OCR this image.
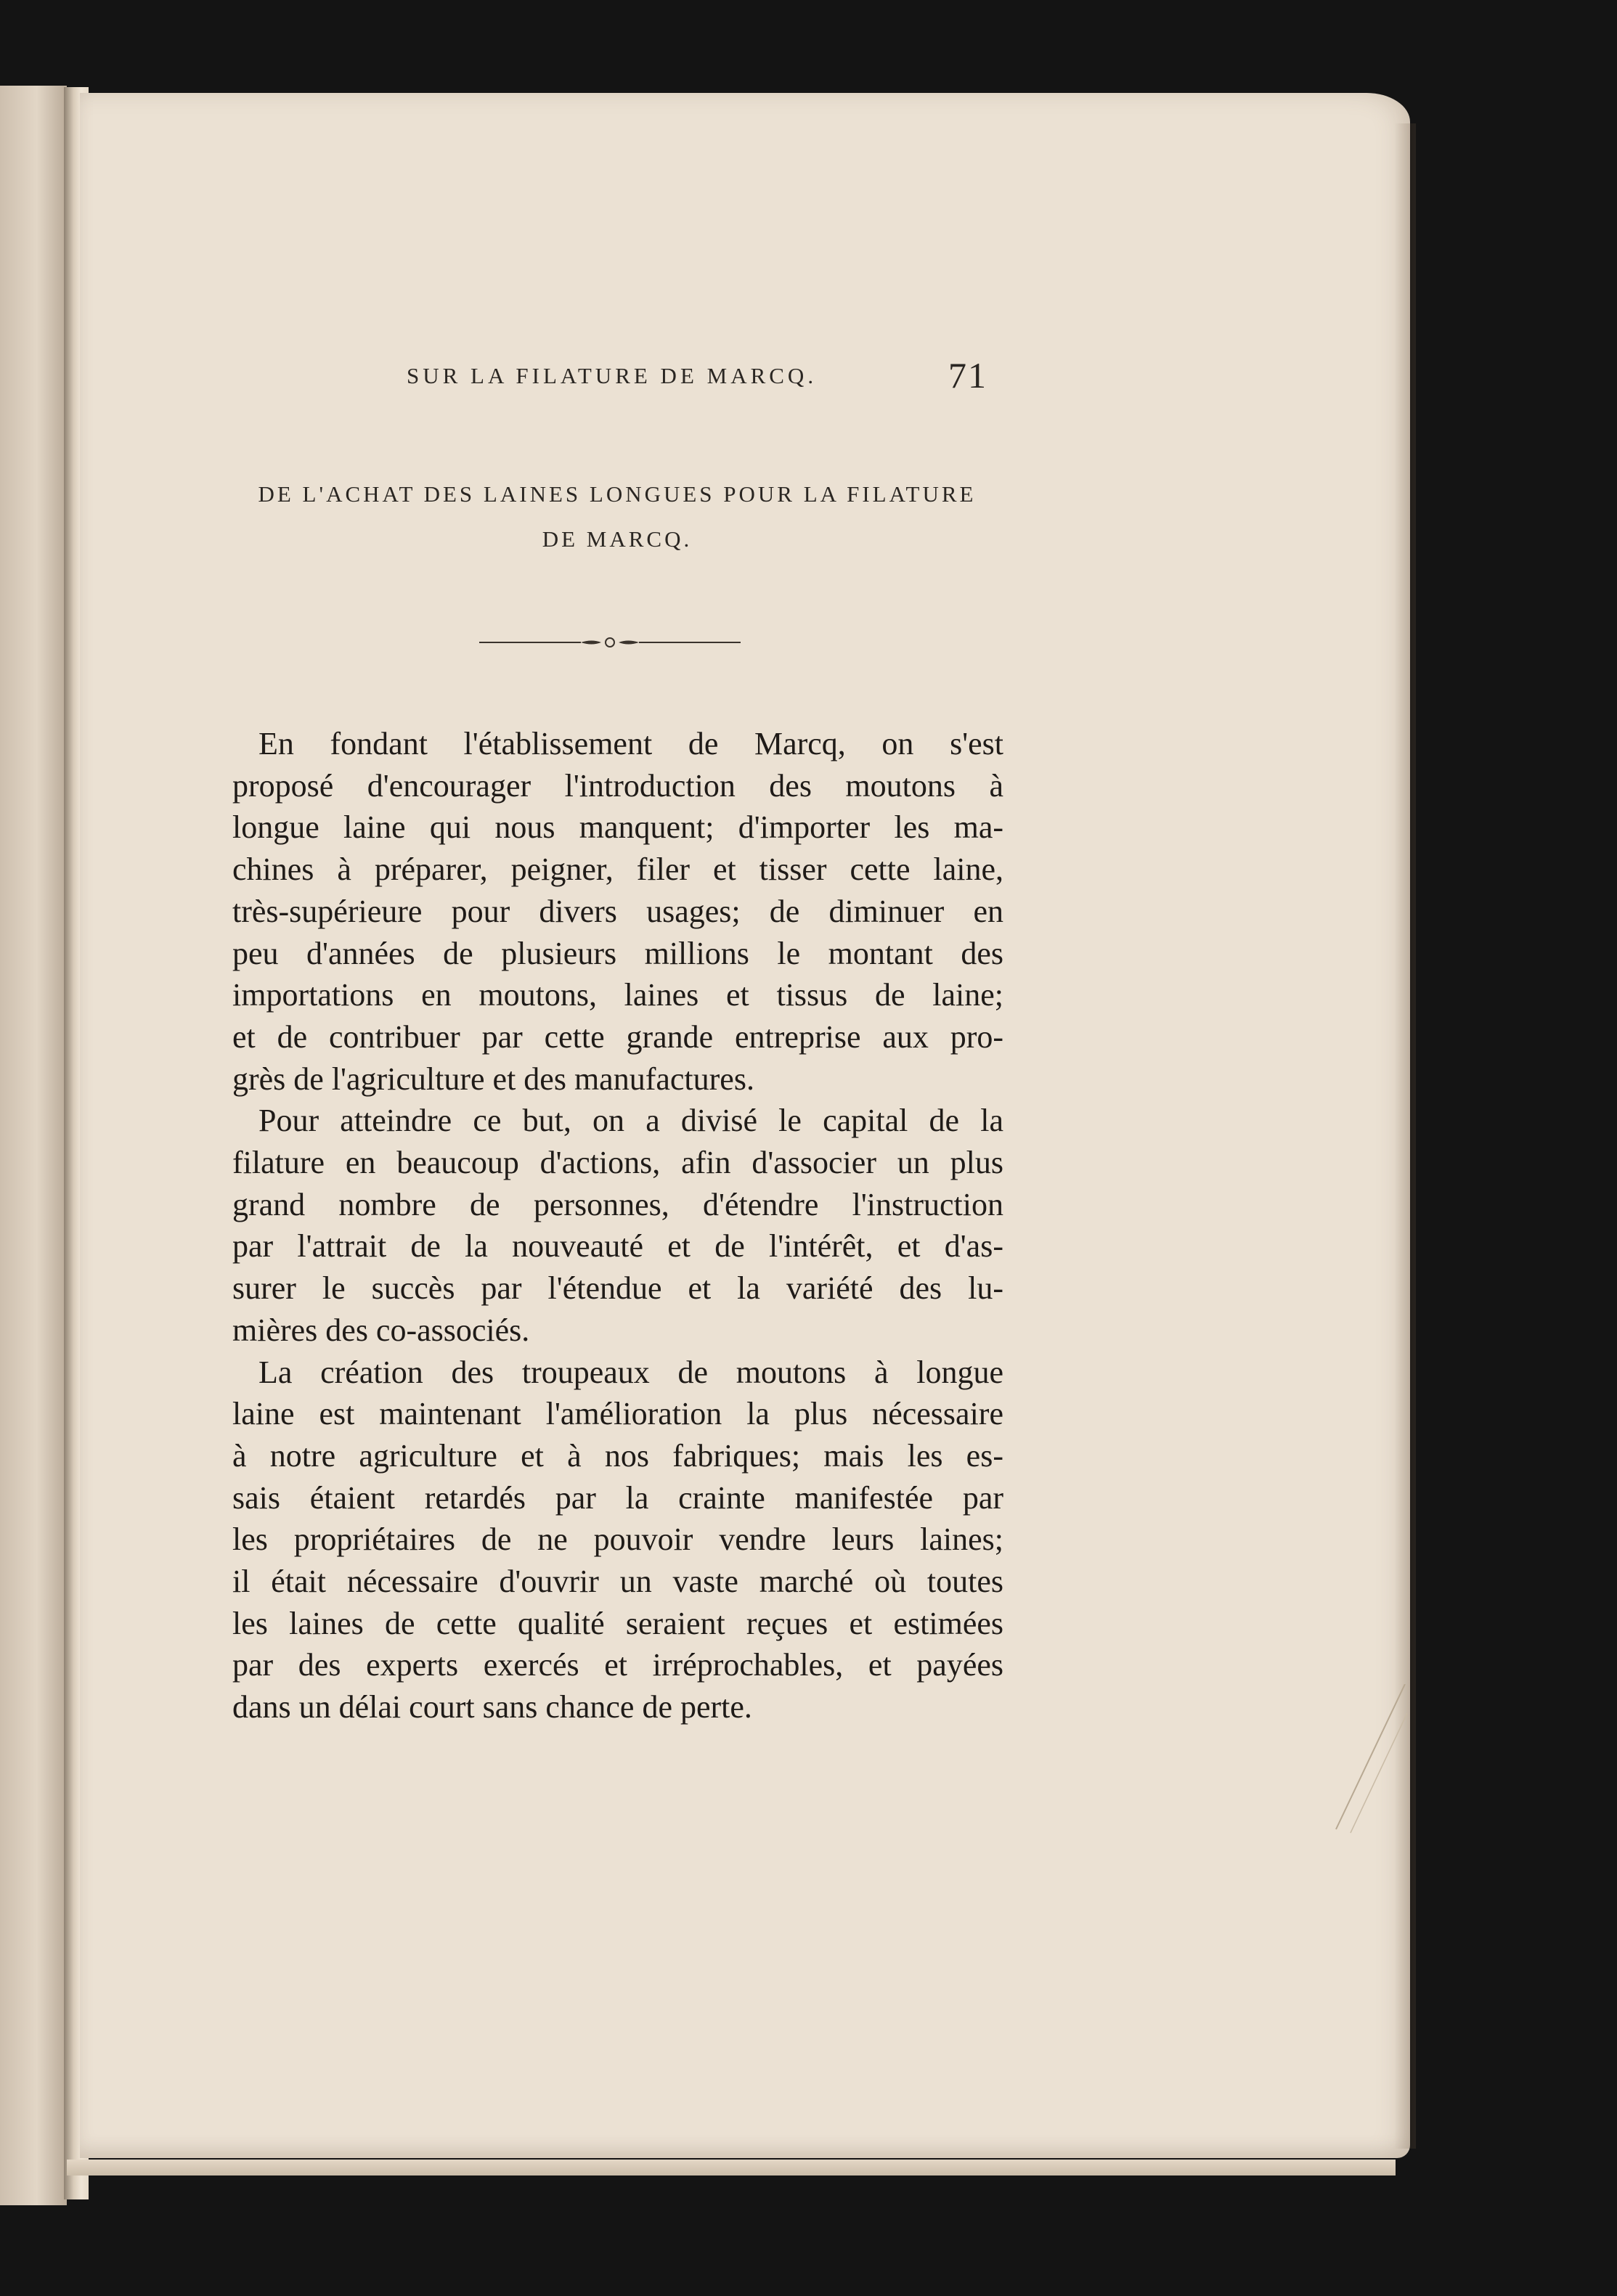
SUR LA FILATURE DE MARCQ.	71
DE L'ACHAT DES LAINES LONGUES POUR LA FILATURE
DE MARCQ.
En fondant l'établissement de Marcq, on s'est
proposé d'encourager l'introduction des moutons à
longue laine qui nous manquent; d'importer les ma-
chines à préparer, peigner, filer et tisser cette laine,
très-supérieure pour divers usages; de diminuer en
peu d'années de plusieurs millions le montant des
importations en moutons, laines et tissus de laine;
et de contribuer par cette grande entreprise aux pro-
grès de l'agriculture et des manufactures.
Pour atteindre ce but, on a divisé le capital de la
filature en beaucoup d'actions, afin d'associer un plus
grand nombre de personnes, d'étendre l'instruction
par l'attrait de la nouveauté et de l'intérêt, et d'as-
surer le succès par l'étendue et la variété des lu-
mières des co-associés.
La création des troupeaux de moutons à longue
laine est maintenant l'amélioration la plus nécessaire
à notre agriculture et à nos fabriques; mais les es-
sais étaient retardés par la crainte manifestée par
les propriétaires de ne pouvoir vendre leurs laines;
il était nécessaire d'ouvrir un vaste marché où toutes
les laines de cette qualité seraient reçues et estimées
par des experts exercés et irréprochables, et payées
dans un délai court sans chance de perte.
